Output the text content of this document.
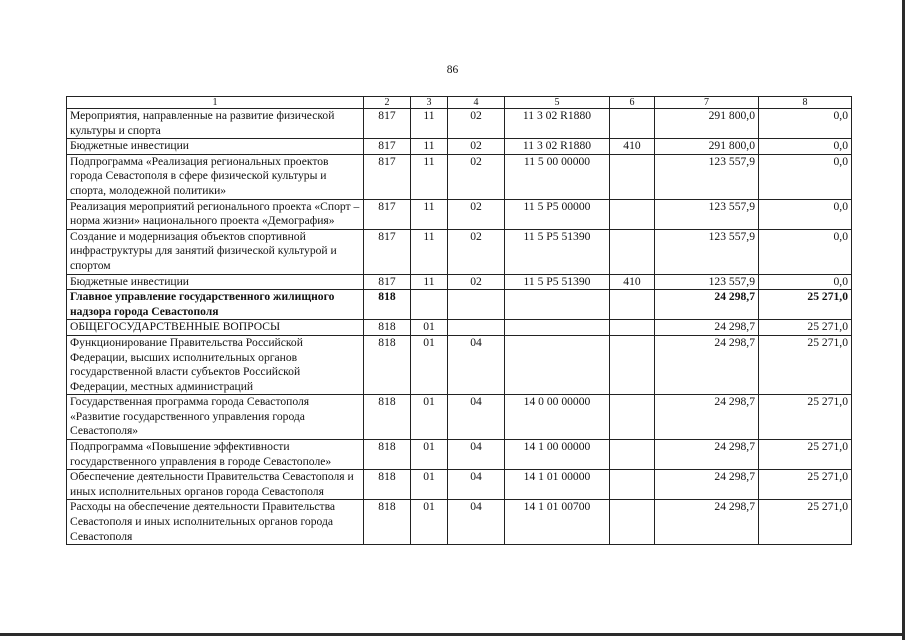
86
1	2	3	4	5	6	7	8
Мероприятия, направленные на развитие физической культуры и спорта	817	11	02	11 3 02 R1880		291 800,0	0,0
Бюджетные инвестиции	817	11	02	11 3 02 R1880	410	291 800,0	0,0
Подпрограмма «Реализация региональных проектов города Севастополя в сфере физической культуры и спорта, молодежной политики»	817	11	02	11 5 00 00000		123 557,9	0,0
Реализация мероприятий регионального проекта «Спорт – норма жизни» национального проекта «Демография»	817	11	02	11 5 P5 00000		123 557,9	0,0
Создание и модернизация объектов спортивной инфраструктуры для занятий физической культурой и спортом	817	11	02	11 5 P5 51390		123 557,9	0,0
Бюджетные инвестиции	817	11	02	11 5 P5 51390	410	123 557,9	0,0
Главное управление государственного жилищного надзора города Севастополя	818					24 298,7	25 271,0
ОБЩЕГОСУДАРСТВЕННЫЕ ВОПРОСЫ	818	01				24 298,7	25 271,0
Функционирование Правительства Российской Федерации, высших исполнительных органов государственной власти субъектов Российской Федерации, местных администраций	818	01	04			24 298,7	25 271,0
Государственная программа города Севастополя «Развитие государственного управления города Севастополя»	818	01	04	14 0 00 00000		24 298,7	25 271,0
Подпрограмма «Повышение эффективности государственного управления в городе Севастополе»	818	01	04	14 1 00 00000		24 298,7	25 271,0
Обеспечение деятельности Правительства Севастополя и иных исполнительных органов города Севастополя	818	01	04	14 1 01 00000		24 298,7	25 271,0
Расходы на обеспечение деятельности Правительства Севастополя и иных исполнительных органов города Севастополя	818	01	04	14 1 01 00700		24 298,7	25 271,0
